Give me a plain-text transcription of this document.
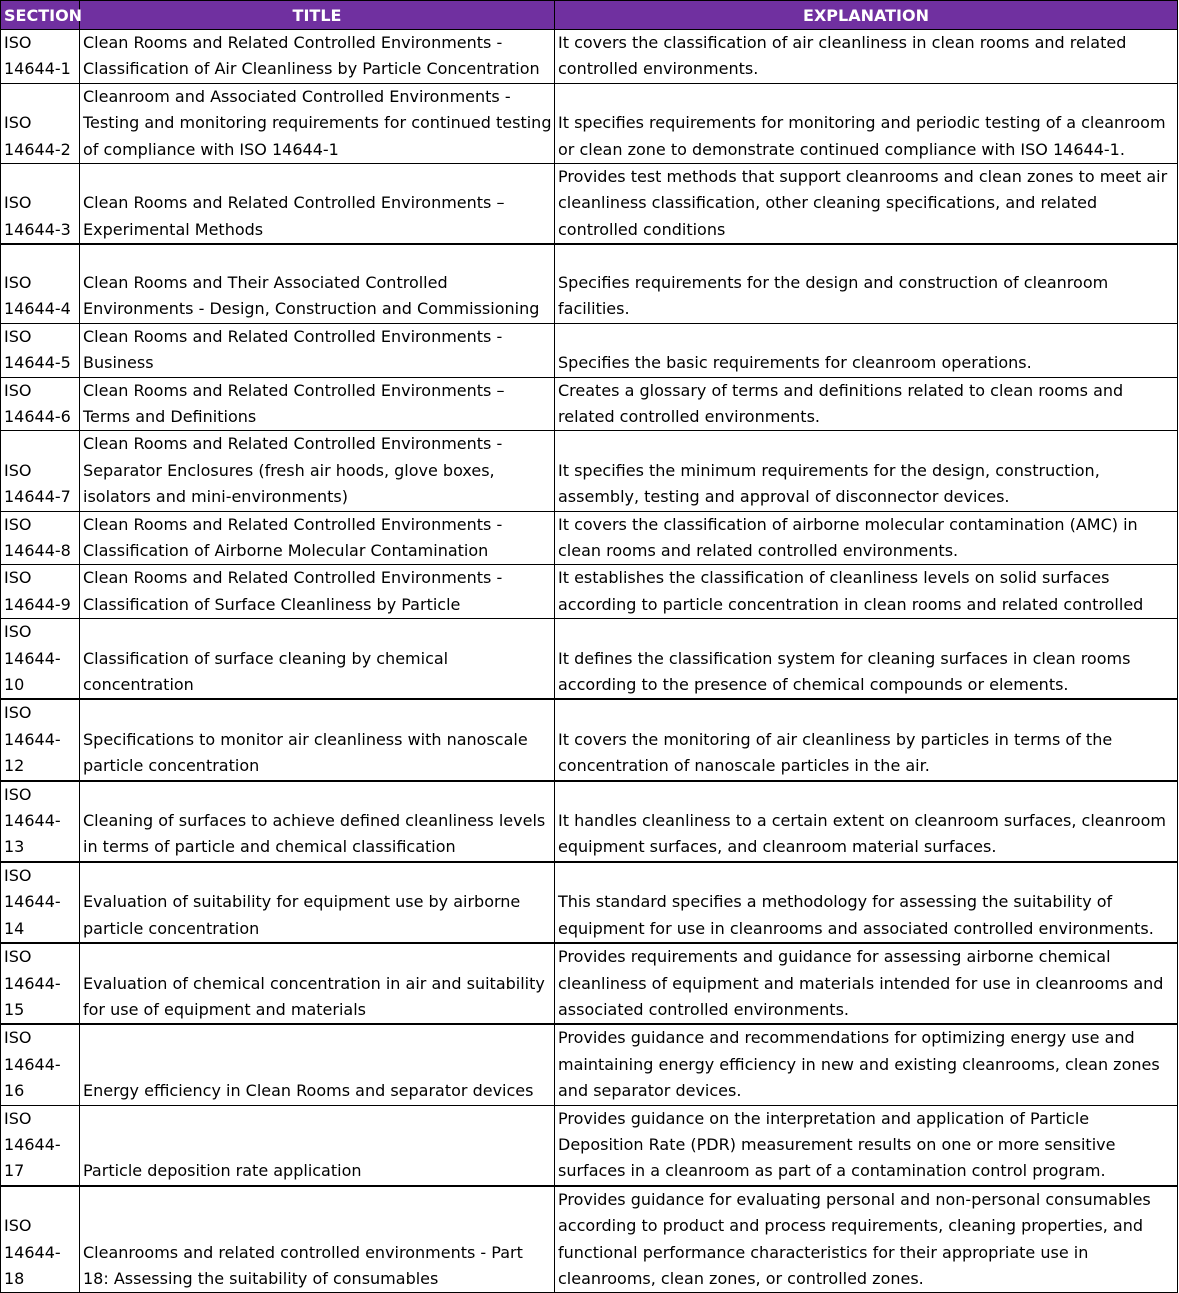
SECTION	TITLE	EXPLANATION

ISO
14644-1	Clean Rooms and Related Controlled Environments - Classification of Air Cleanliness by Particle Concentration	It covers the classification of air cleanliness in clean rooms and related controlled environments.

ISO
14644-2	Cleanroom and Associated Controlled Environments - Testing and monitoring requirements for continued testing of compliance with ISO 14644-1	It specifies requirements for monitoring and periodic testing of a cleanroom or clean zone to demonstrate continued compliance with ISO 14644-1.

ISO
14644-3	Clean Rooms and Related Controlled Environments – Experimental Methods	Provides test methods that support cleanrooms and clean zones to meet air cleanliness classification, other cleaning specifications, and related controlled conditions

ISO
14644-4	Clean Rooms and Their Associated Controlled Environments - Design, Construction and Commissioning	Specifies requirements for the design and construction of cleanroom facilities.

ISO
14644-5	Clean Rooms and Related Controlled Environments - Business	Specifies the basic requirements for cleanroom operations.

ISO
14644-6	Clean Rooms and Related Controlled Environments – Terms and Definitions	Creates a glossary of terms and definitions related to clean rooms and related controlled environments.

ISO
14644-7	Clean Rooms and Related Controlled Environments - Separator Enclosures (fresh air hoods, glove boxes, isolators and mini-environments)	It specifies the minimum requirements for the design, construction, assembly, testing and approval of disconnector devices.

ISO
14644-8	Clean Rooms and Related Controlled Environments - Classification of Airborne Molecular Contamination	It covers the classification of airborne molecular contamination (AMC) in clean rooms and related controlled environments.

ISO
14644-9	Clean Rooms and Related Controlled Environments - Classification of Surface Cleanliness by Particle	It establishes the classification of cleanliness levels on solid surfaces according to particle concentration in clean rooms and related controlled

ISO
14644-10	Classification of surface cleaning by chemical concentration	It defines the classification system for cleaning surfaces in clean rooms according to the presence of chemical compounds or elements.

ISO
14644-12	Specifications to monitor air cleanliness with nanoscale particle concentration	It covers the monitoring of air cleanliness by particles in terms of the concentration of nanoscale particles in the air.

ISO
14644-13	Cleaning of surfaces to achieve defined cleanliness levels in terms of particle and chemical classification	It handles cleanliness to a certain extent on cleanroom surfaces, cleanroom equipment surfaces, and cleanroom material surfaces.

ISO
14644-14	Evaluation of suitability for equipment use by airborne particle concentration	This standard specifies a methodology for assessing the suitability of equipment for use in cleanrooms and associated controlled environments.

ISO
14644-15	Evaluation of chemical concentration in air and suitability for use of equipment and materials	Provides requirements and guidance for assessing airborne chemical cleanliness of equipment and materials intended for use in cleanrooms and associated controlled environments.

ISO
14644-16	Energy efficiency in Clean Rooms and separator devices	Provides guidance and recommendations for optimizing energy use and maintaining energy efficiency in new and existing cleanrooms, clean zones and separator devices.

ISO
14644-17	Particle deposition rate application	Provides guidance on the interpretation and application of Particle Deposition Rate (PDR) measurement results on one or more sensitive surfaces in a cleanroom as part of a contamination control program.

ISO
14644-18	Cleanrooms and related controlled environments - Part 18: Assessing the suitability of consumables	Provides guidance for evaluating personal and non-personal consumables according to product and process requirements, cleaning properties, and functional performance characteristics for their appropriate use in cleanrooms, clean zones, or controlled zones.
